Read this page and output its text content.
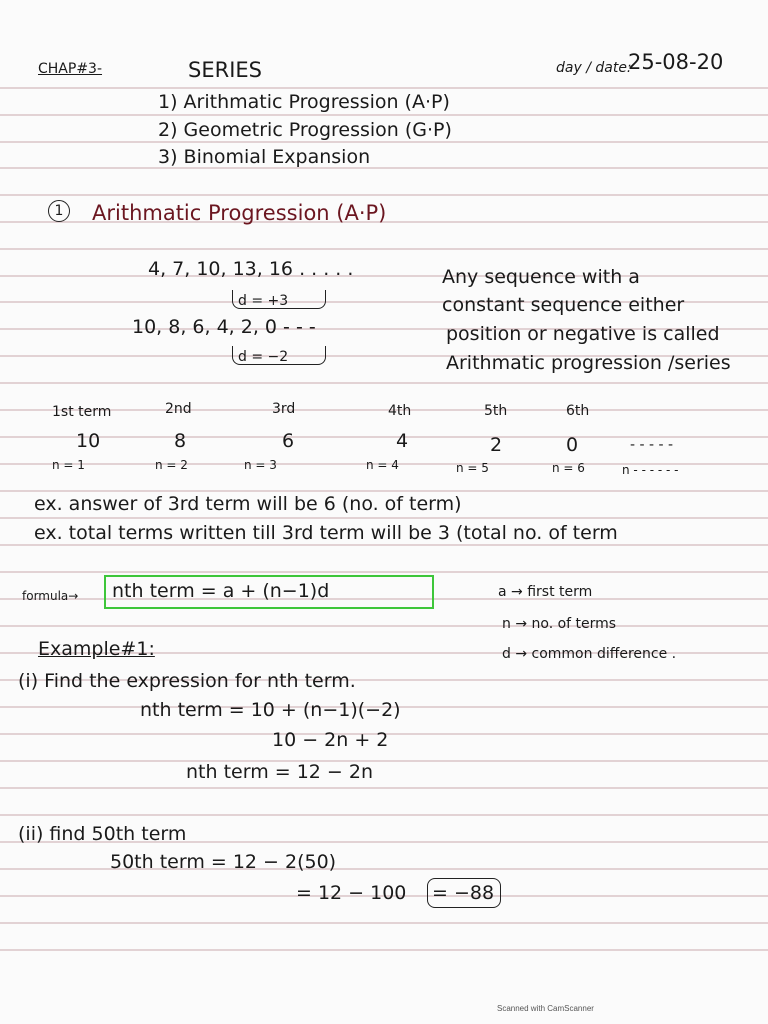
CHAP#3-	SERIES	day / date:

25-08-20

1) Arithmatic Progression (A·P)

2) Geometric Progression (G·P)

3) Binomial Expansion

1	Arithmatic Progression (A·P)

4, 7, 10, 13, 16 . . . . .

d = +3

10, 8, 6, 4, 2, 0 - - -

d = −2

Any sequence with a

constant sequence either

position or negative is called

Arithmatic progression /series

1st term	2nd	3rd	4th	5th	6th

10	8	6	4	2	0	- - - - -

n = 1	n = 2	n = 3	n = 4	n = 5	n = 6	n - - - - - -

ex. answer of 3rd term will be 6 (no. of term)

ex. total terms written till 3rd term will be 3 (total no. of term

formula→ nth term = a + (n−1)d	a → first term

n → no. of terms

d → common difference .

Example#1:

(i) Find the expression for nth term.

nth term = 10 + (n−1)(−2)

10 − 2n + 2

nth term = 12 − 2n

(ii) find 50th term

50th term = 12 − 2(50)

= 12 − 100 = −88

Scanned with CamScanner
